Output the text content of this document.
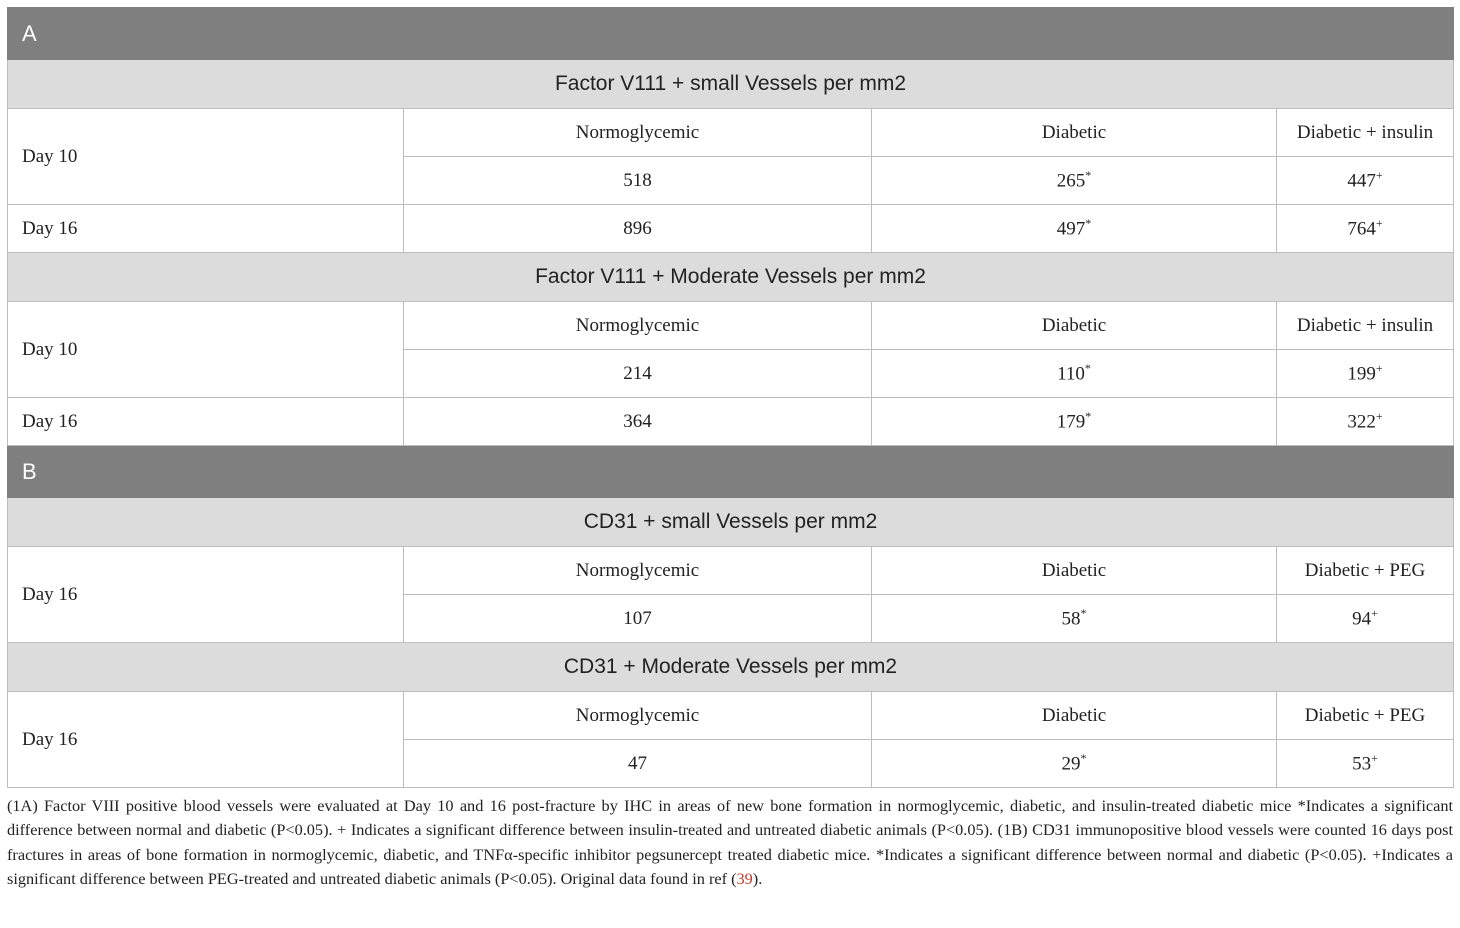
A			
Factor V111 + small Vessels per mm2			
Day 10	Normoglycemic	Diabetic	Diabetic + insulin
	518	265*	447+
Day 16	896	497*	764+
Factor V111 + Moderate Vessels per mm2			
Day 10	Normoglycemic	Diabetic	Diabetic + insulin
	214	110*	199+
Day 16	364	179*	322+
B			
CD31 + small Vessels per mm2			
Day 16	Normoglycemic	Diabetic	Diabetic + PEG
	107	58*	94+
CD31 + Moderate Vessels per mm2			
Day 16	Normoglycemic	Diabetic	Diabetic + PEG
	47	29*	53+

(1A) Factor VIII positive blood vessels were evaluated at Day 10 and 16 post-fracture by IHC in areas of new bone formation in normoglycemic, diabetic, and insulin-treated diabetic mice *Indicates a significant difference between normal and diabetic (P<0.05). + Indicates a significant difference between insulin-treated and untreated diabetic animals (P<0.05). (1B) CD31 immunopositive blood vessels were counted 16 days post fractures in areas of bone formation in normoglycemic, diabetic, and TNFα-specific inhibitor pegsunercept treated diabetic mice. *Indicates a significant difference between normal and diabetic (P<0.05). +Indicates a significant difference between PEG-treated and untreated diabetic animals (P<0.05). Original data found in ref (39).
